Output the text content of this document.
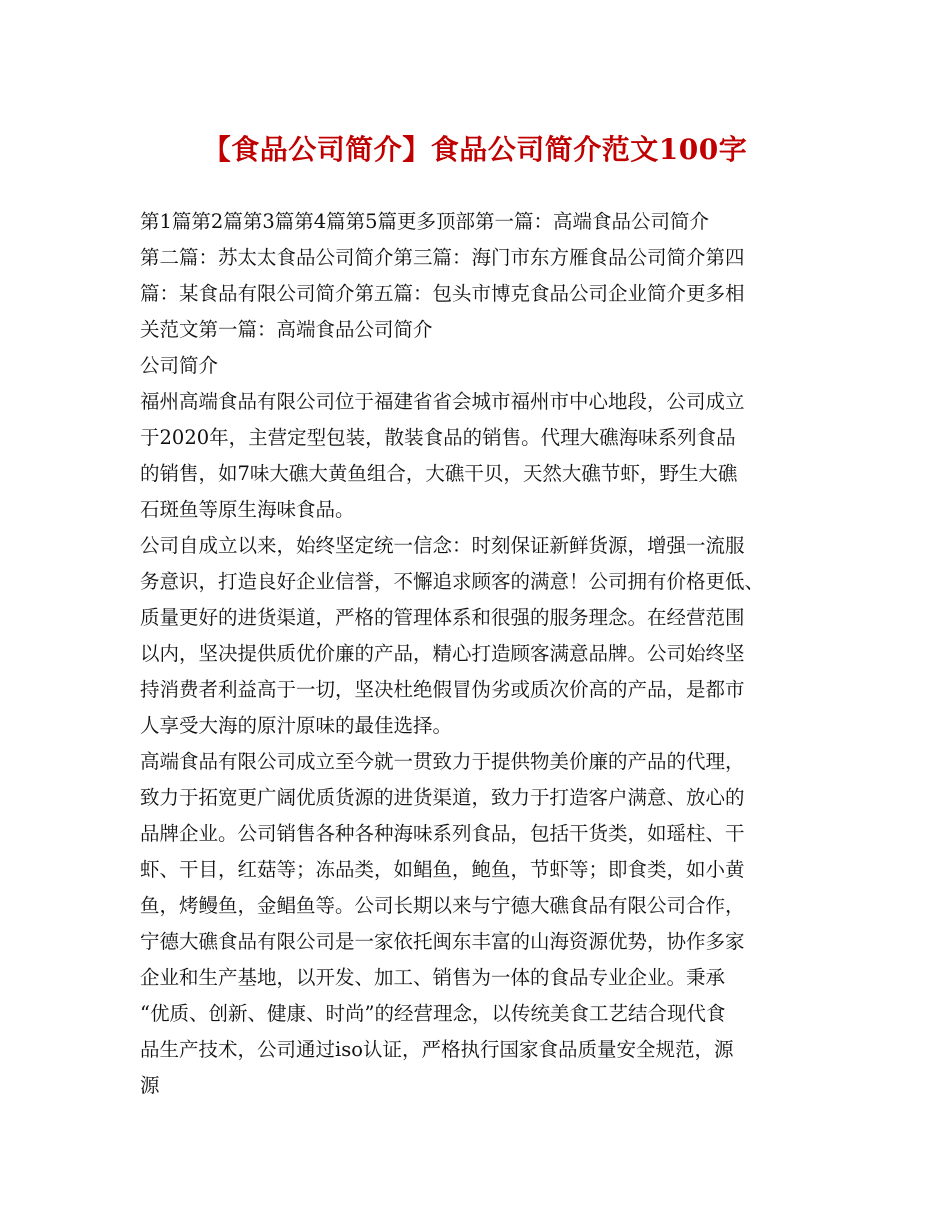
【食品公司简介】食品公司简介范文100字
第1篇第2篇第3篇第4篇第5篇更多顶部第一篇：高端食品公司简介
第二篇：苏太太食品公司简介第三篇：海门市东方雁食品公司简介第四
篇：某食品有限公司简介第五篇：包头市博克食品公司企业简介更多相
关范文第一篇：高端食品公司简介
公司简介
福州高端食品有限公司位于福建省省会城市福州市中心地段，公司成立
于2020年，主营定型包装，散装食品的销售。代理大礁海味系列食品
的销售，如7味大礁大黄鱼组合，大礁干贝，天然大礁节虾，野生大礁
石斑鱼等原生海味食品。
公司自成立以来，始终坚定统一信念：时刻保证新鲜货源，增强一流服
务意识，打造良好企业信誉，不懈追求顾客的满意！公司拥有价格更低、
质量更好的进货渠道，严格的管理体系和很强的服务理念。在经营范围
以内，坚决提供质优价廉的产品，精心打造顾客满意品牌。公司始终坚
持消费者利益高于一切，坚决杜绝假冒伪劣或质次价高的产品，是都市
人享受大海的原汁原味的最佳选择。
高端食品有限公司成立至今就一贯致力于提供物美价廉的产品的代理，
致力于拓宽更广阔优质货源的进货渠道，致力于打造客户满意、放心的
品牌企业。公司销售各种各种海味系列食品，包括干货类，如瑶柱、干
虾、干目，红菇等；冻品类，如鲳鱼，鲍鱼，节虾等；即食类，如小黄
鱼，烤鳗鱼，金鲳鱼等。公司长期以来与宁德大礁食品有限公司合作，
宁德大礁食品有限公司是一家依托闽东丰富的山海资源优势，协作多家
企业和生产基地，以开发、加工、销售为一体的食品专业企业。秉承
“优质、创新、健康、时尚”的经营理念，以传统美食工艺结合现代食
品生产技术，公司通过iso认证，严格执行国家食品质量安全规范，源
源
